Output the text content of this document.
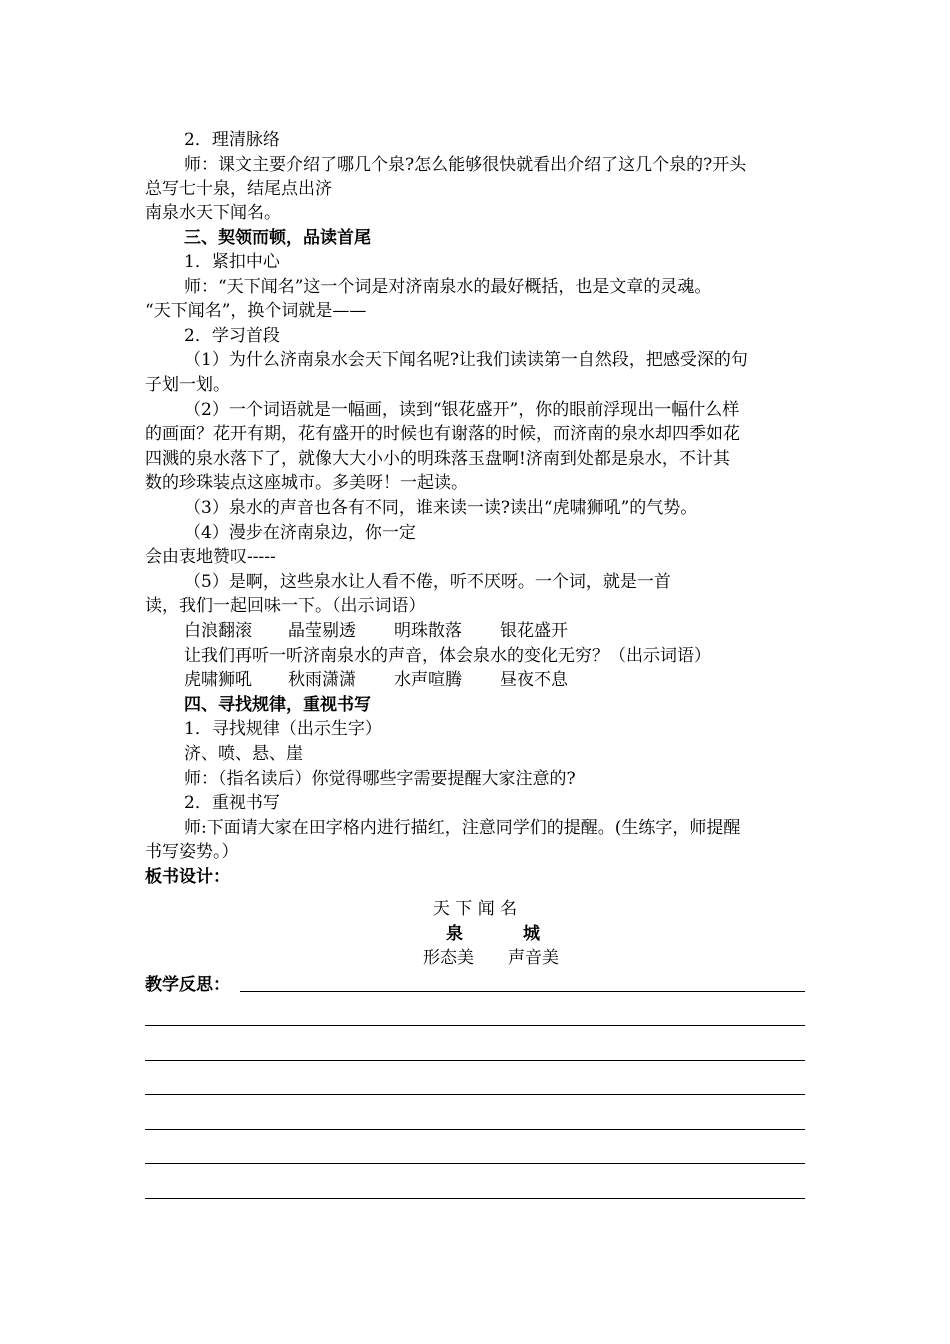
2．理清脉络
师：课文主要介绍了哪几个泉?怎么能够很快就看出介绍了这几个泉的?开头
总写七十泉，结尾点出济
南泉水天下闻名。
三、契领而顿，品读首尾
1．紧扣中心
师：“天下闻名”这一个词是对济南泉水的最好概括，也是文章的灵魂。
“天下闻名”，换个词就是——
2．学习首段
（1）为什么济南泉水会天下闻名呢?让我们读读第一自然段，把感受深的句
子划一划。
（2）一个词语就是一幅画，读到“银花盛开”，你的眼前浮现出一幅什么样
的画面？花开有期，花有盛开的时候也有谢落的时候，而济南的泉水却四季如花
四溅的泉水落下了，就像大大小小的明珠落玉盘啊!济南到处都是泉水，不计其
数的珍珠装点这座城市。多美呀！一起读。
（3）泉水的声音也各有不同，谁来读一读?读出“虎啸狮吼”的气势。
（4）漫步在济南泉边，你一定
会由衷地赞叹-----
（5）是啊，这些泉水让人看不倦，听不厌呀。一个词，就是一首
读，我们一起回味一下。（出示词语）
白浪翻滚 晶莹剔透 明珠散落 银花盛开
让我们再听一听济南泉水的声音，体会泉水的变化无穷？（出示词语）
虎啸狮吼 秋雨潇潇 水声喧腾 昼夜不息
四、寻找规律，重视书写
1．寻找规律（出示生字）
济、喷、悬、崖
师：（指名读后）你觉得哪些字需要提醒大家注意的?
2．重视书写
师:下面请大家在田字格内进行描红，注意同学们的提醒。(生练字，师提醒
书写姿势。）
板书设计：
天 下 闻 名
泉	城
形态美 声音美
教学反思：
